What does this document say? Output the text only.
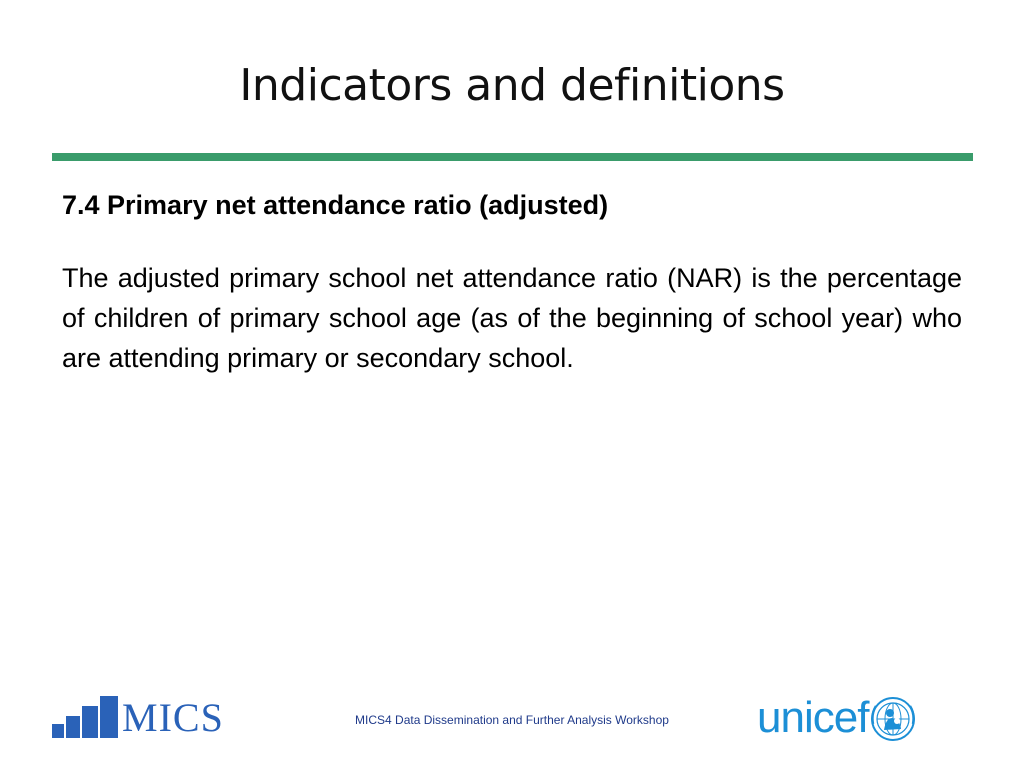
Indicators and definitions
7.4 Primary net attendance ratio (adjusted)
The adjusted primary school net attendance ratio (NAR) is the percentage of children of primary school age (as of the beginning of school year) who are attending primary or secondary school.
MICS	MICS4 Data Dissemination and Further Analysis Workshop	unicef
